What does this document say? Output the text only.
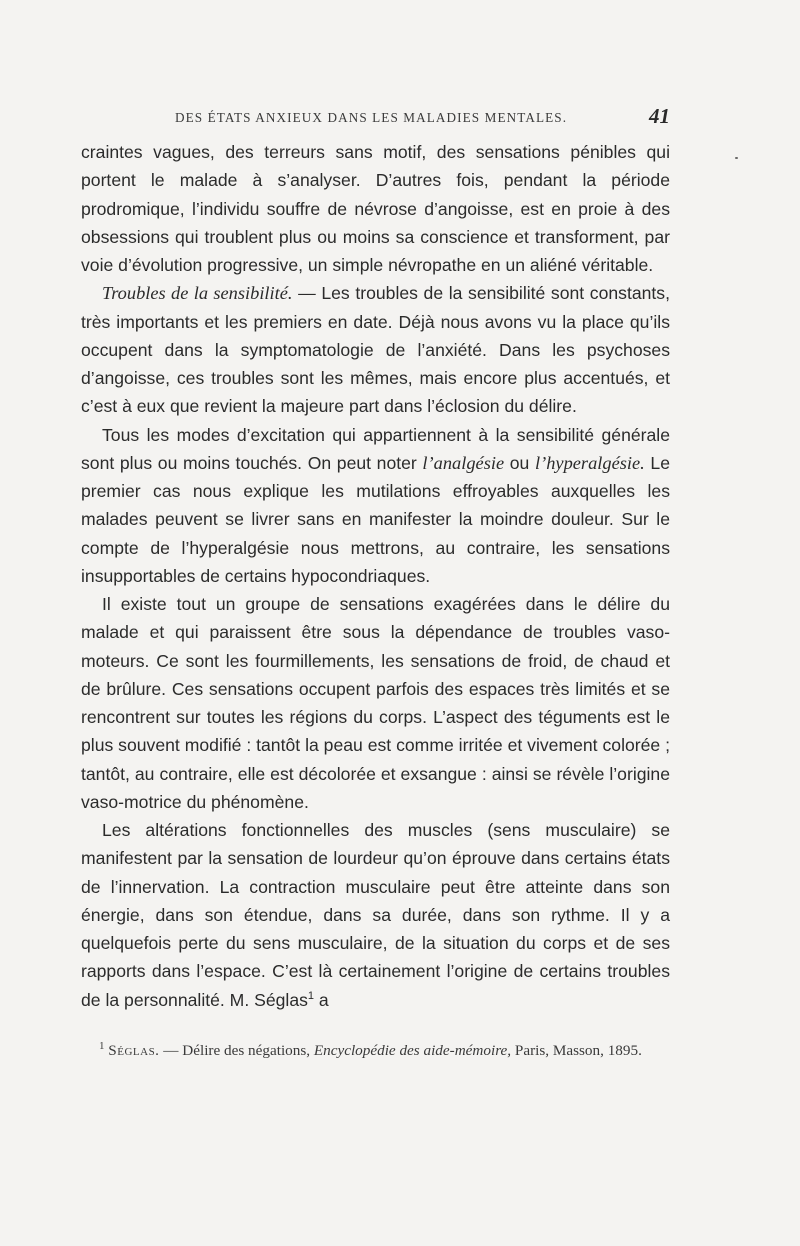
DES ÉTATS ANXIEUX DANS LES MALADIES MENTALES.	41

craintes vagues, des terreurs sans motif, des sensations pénibles qui portent le malade à s’analyser. D’autres fois, pendant la période prodromique, l’individu souffre de névrose d’angoisse, est en proie à des obsessions qui troublent plus ou moins sa conscience et transforment, par voie d’évolution progressive, un simple névropathe en un aliéné véritable.

Troubles de la sensibilité. — Les troubles de la sensibilité sont constants, très importants et les premiers en date. Déjà nous avons vu la place qu’ils occupent dans la symptomatologie de l’anxiété. Dans les psychoses d’angoisse, ces troubles sont les mêmes, mais encore plus accentués, et c’est à eux que revient la majeure part dans l’éclosion du délire.

Tous les modes d’excitation qui appartiennent à la sensibilité générale sont plus ou moins touchés. On peut noter l’analgésie ou l’hyperalgésie. Le premier cas nous explique les mutilations effroyables auxquelles les malades peuvent se livrer sans en manifester la moindre douleur. Sur le compte de l’hyperalgésie nous mettrons, au contraire, les sensations insupportables de certains hypocondriaques.

Il existe tout un groupe de sensations exagérées dans le délire du malade et qui paraissent être sous la dépendance de troubles vaso-moteurs. Ce sont les fourmillements, les sensations de froid, de chaud et de brûlure. Ces sensations occupent parfois des espaces très limités et se rencontrent sur toutes les régions du corps. L’aspect des téguments est le plus souvent modifié : tantôt la peau est comme irritée et vivement colorée ; tantôt, au contraire, elle est décolorée et exsangue : ainsi se révèle l’origine vaso-motrice du phénomène.

Les altérations fonctionnelles des muscles (sens musculaire) se manifestent par la sensation de lourdeur qu’on éprouve dans certains états de l’innervation. La contraction musculaire peut être atteinte dans son énergie, dans son étendue, dans sa durée, dans son rythme. Il y a quelquefois perte du sens musculaire, de la situation du corps et de ses rapports dans l’espace. C’est là certainement l’origine de certains troubles de la personnalité. M. Séglas$^1$ a

$^1$ Séglas. — Délire des négations, Encyclopédie des aide-mémoire, Paris, Masson, 1895.
